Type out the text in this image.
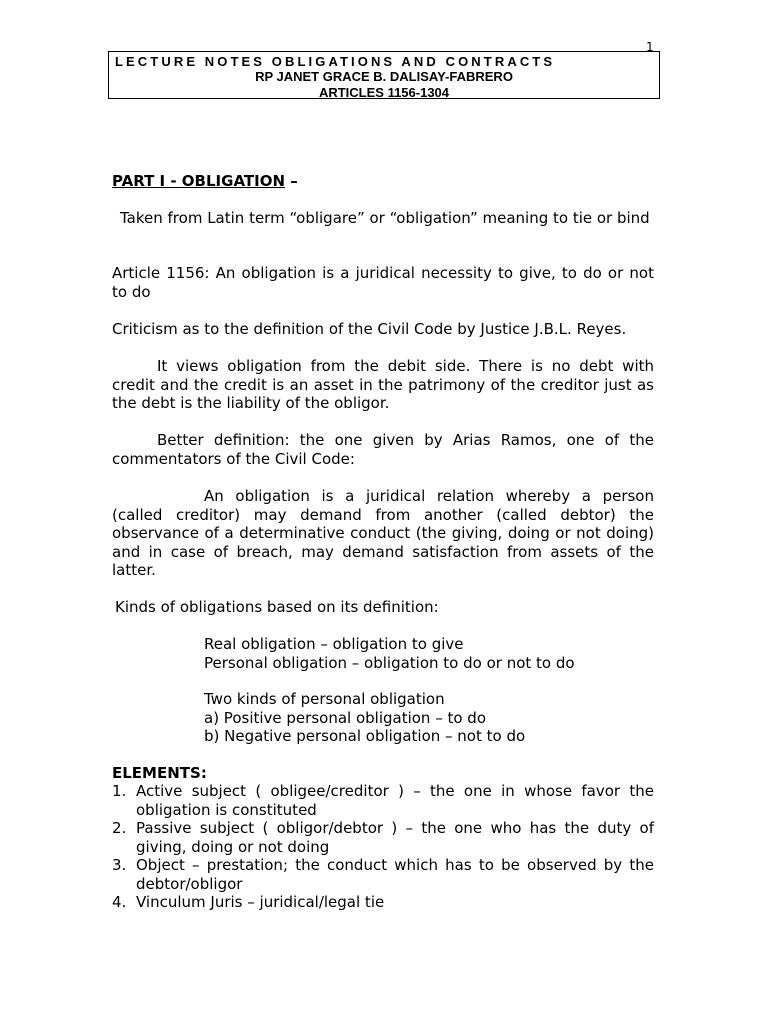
1
LECTURE NOTES OBLIGATIONS AND CONTRACTS
RP JANET GRACE B. DALISAY-FABRERO
ARTICLES 1156-1304
PART I - OBLIGATION –

Taken from Latin term “obligare” or “obligation” meaning to tie or bind

Article 1156: An obligation is a juridical necessity to give, to do or not to do

Criticism as to the definition of the Civil Code by Justice J.B.L. Reyes.

It views obligation from the debit side. There is no debt with credit and the credit is an asset in the patrimony of the creditor just as the debt is the liability of the obligor.

Better definition: the one given by Arias Ramos, one of the commentators of the Civil Code:

An obligation is a juridical relation whereby a person (called creditor) may demand from another (called debtor) the observance of a determinative conduct (the giving, doing or not doing) and in case of breach, may demand satisfaction from assets of the latter.

Kinds of obligations based on its definition:

Real obligation – obligation to give
Personal obligation – obligation to do or not to do
Two kinds of personal obligation
a) Positive personal obligation – to do
b) Negative personal obligation – not to do
ELEMENTS:
1. Active subject ( obligee/creditor ) – the one in whose favor the obligation is constituted
2. Passive subject ( obligor/debtor ) – the one who has the duty of giving, doing or not doing
3. Object – prestation; the conduct which has to be observed by the debtor/obligor
4. Vinculum Juris – juridical/legal tie
